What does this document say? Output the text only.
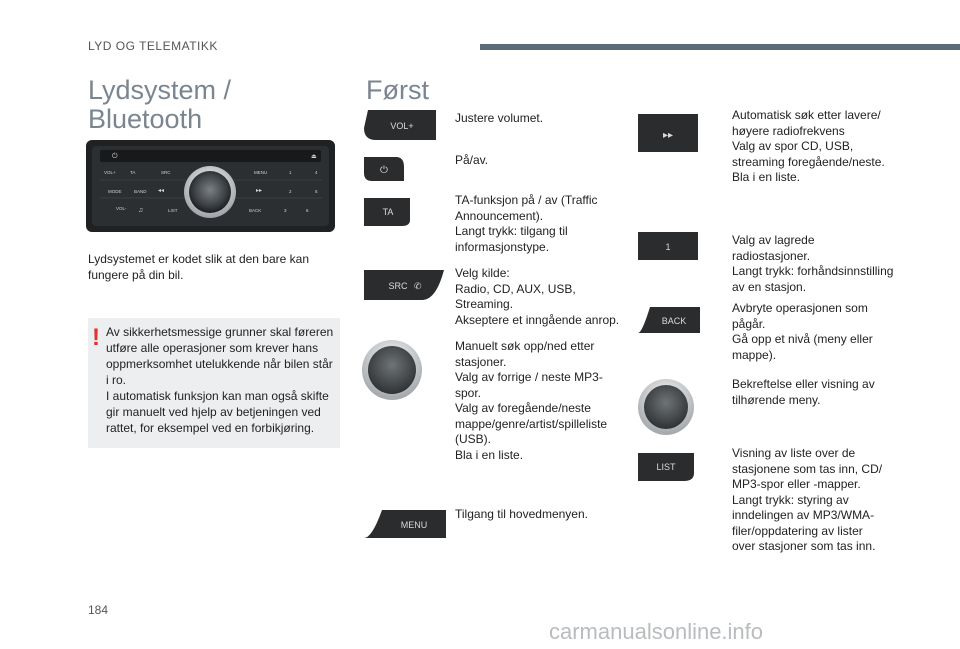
LYD OG TELEMATIKK
Lydsystem /
Bluetooth
Først
VOL+	TA	SRC	MENU
MODE	BAND
VOL-	LIST	BACK
1	4
2	5
3	6
◂◂	▸▸
♫
⏻	⏏
Lydsystemet er kodet slik at den bare kan fungere på din bil.
! Av sikkerhetsmessige grunner skal føreren utføre alle operasjoner som krever hans oppmerksomhet utelukkende når bilen står i ro.
I automatisk funksjon kan man også skifte gir manuelt ved hjelp av betjeningen ved rattet, for eksempel ved en forbikjøring.
VOL+
Justere volumet.
⏻
På/av.
TA
TA-funksjon på / av (Traffic
Announcement).
Langt trykk: tilgang til
informasjonstype.
SRC ✆
Velg kilde:
Radio, CD, AUX, USB,
Streaming.
Akseptere et inngående anrop.
Manuelt søk opp/ned etter
stasjoner.
Valg av forrige / neste MP3-
spor.
Valg av foregående/neste
mappe/genre/artist/spilleliste
(USB).
Bla i en liste.
MENU
Tilgang til hovedmenyen.
▸▸
Automatisk søk etter lavere/
høyere radiofrekvens
Valg av spor CD, USB,
streaming foregående/neste.
Bla i en liste.
1	Valg av lagrede
radiostasjoner.
Langt trykk: forhåndsinnstilling
av en stasjon.
BACK
Avbryte operasjonen som
pågår.
Gå opp et nivå (meny eller
mappe).
Bekreftelse eller visning av
tilhørende meny.
LIST
Visning av liste over de
stasjonene som tas inn, CD/
MP3-spor eller -mapper.
Langt trykk: styring av
inndelingen av MP3/WMA-
filer/oppdatering av lister
over stasjoner som tas inn.
184
carmanualsonline.info
